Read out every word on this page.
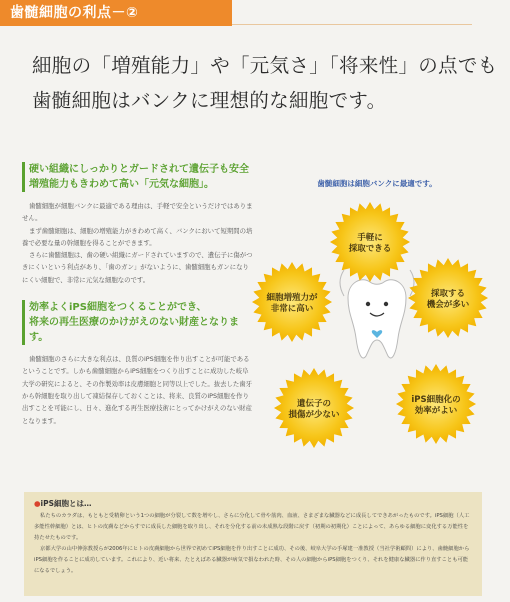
歯髄細胞の利点－②
細胞の「増殖能力」や「元気さ」「将来性」の点でも
歯髄細胞はバンクに理想的な細胞です。
硬い組織にしっかりとガードされて遺伝子も安全
増殖能力もきわめて高い「元気な細胞」。

歯髄細胞が細胞バンクに最適である理由は、手軽で安全というだけではありません。

まず歯髄細胞は、細胞の増殖能力がきわめて高く、バンクにおいて短期間の培養で必要な量の幹細胞を得ることができます。

さらに歯髄細胞は、歯の硬い組織にガードされていますので、遺伝子に傷がつきにくいという利点があり、「歯のガン」がないように、歯髄細胞もガンになりにくい細胞で、非常に元気な細胞なのです。

効率よくiPS細胞をつくることができ、
将来の再生医療のかけがえのない財産となります。

歯髄細胞のさらに大きな利点は、良質のiPS細胞を作り出すことが可能であるということです。しかも歯髄細胞からiPS細胞をつくり出すことに成功した岐阜大学の研究によると、その作製効率は皮膚細胞と同等以上でした。抜去した歯牙から幹細胞を取り出して凍結保存しておくことは、将来、良質のiPS細胞を作り出すことを可能にし、日々、進化する再生医療技術にとってかけがえのない財産となります。

歯髄細胞は細胞バンクに最適です。
手軽に
採取できる
採取する
機会が多い
iPS細胞化の
効率がよい
遺伝子の
損傷が少ない
細胞増殖力が
非常に高い
●iPS細胞とは…

私たちのカラダは、もともと受精卵という1つの細胞が分裂して数を増やし、さらに分化して骨や筋肉、血液、さまざまな臓器などに成長してできあがったものです。iPS細胞（人工多能性幹細胞）とは、ヒトの皮膚などからすでに成長した細胞を取り出し、それを分化する前の未成熟な段階に戻す（初期の初期化）ことによって、あらゆる細胞に変化する万能性を持たせたものです。

京都大学の山中伸弥教授らが2006年にヒトの皮膚細胞から世界で初めてiPS細胞を作り出すことに成功、その後、岐阜大学の手塚建一准教授（当社学術顧問）により、歯髄細胞からiPS細胞を作ることに成功しています。これにより、近い将来、たとえばある臓器が病気で損なわれた時、その人の細胞からiPS細胞をつくり、それを健康な臓器に作り直すことも可能になるでしょう。
